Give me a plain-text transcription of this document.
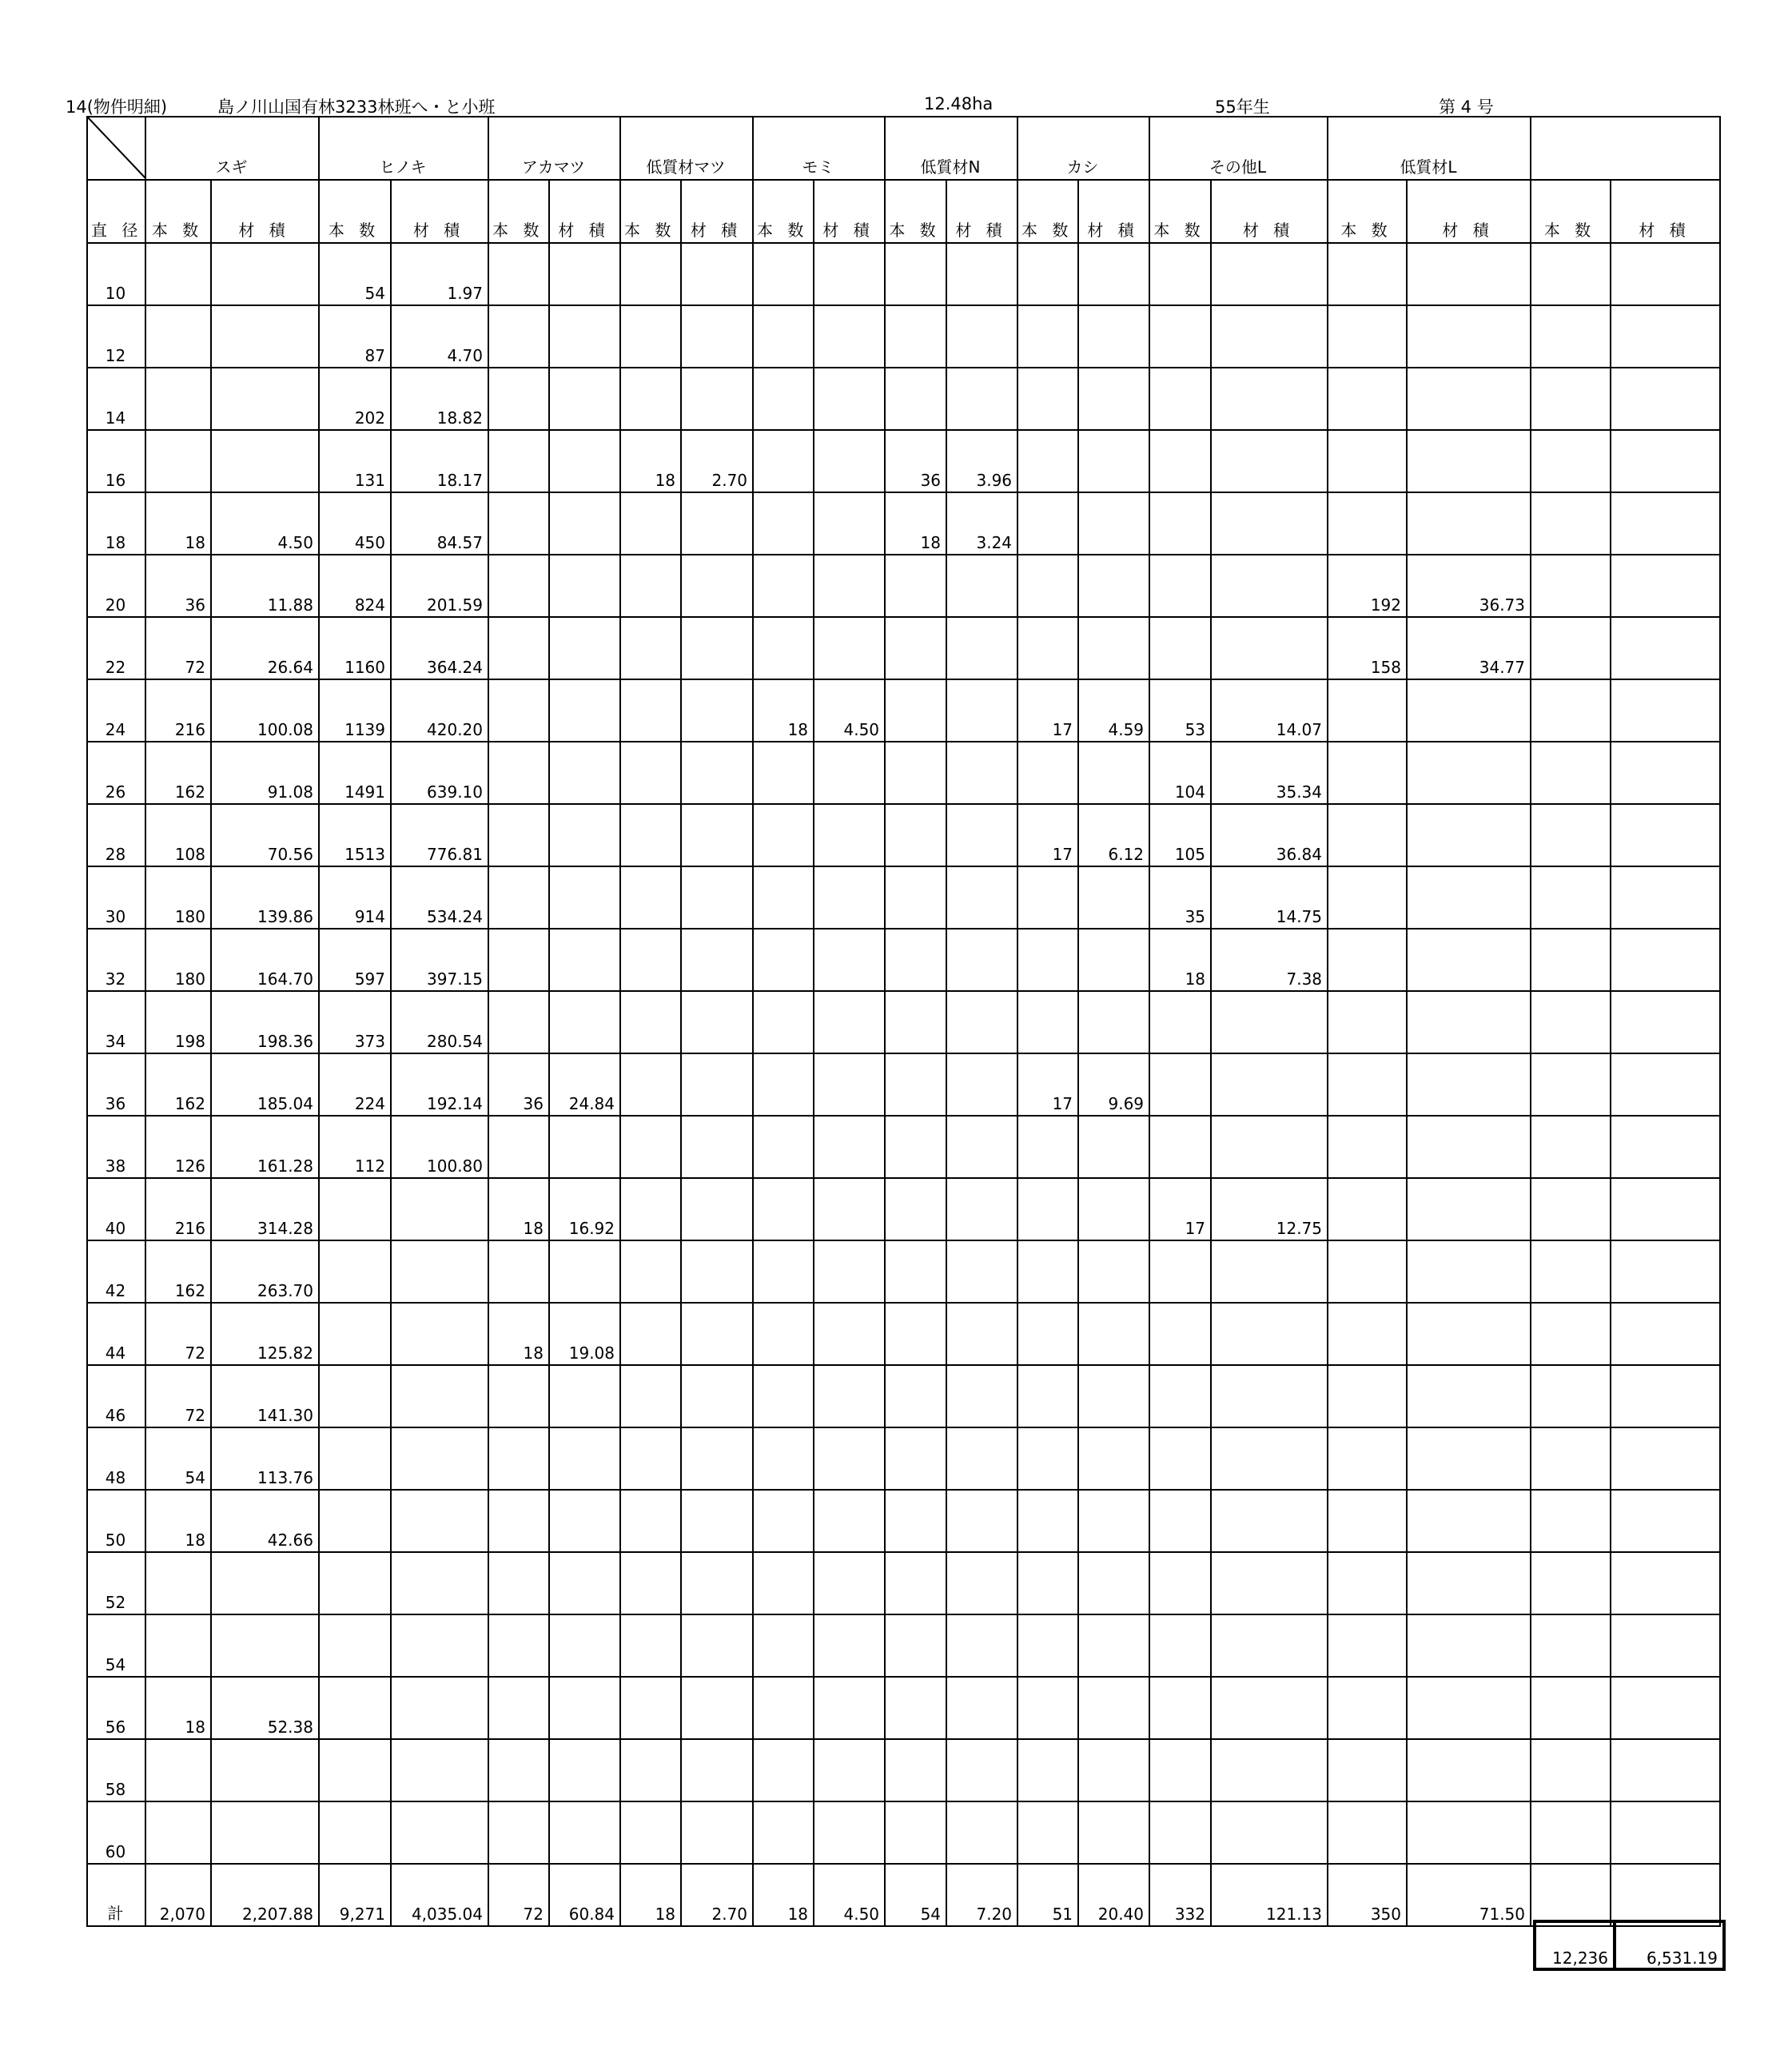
14(物件明細)	島ノ川山国有林3233林班へ・と小班	12.48ha	55年生	第 4 号
	スギ		ヒノキ		アカマツ		低質材マツ		モミ		低質材N		カシ		その他L		低質材L			
直 径	本 数	材 積	本 数	材 積	本 数	材 積	本 数	材 積	本 数	材 積	本 数	材 積	本 数	材 積	本 数	材 積	本 数	材 積	本 数	材 積
10			54	1.97																
12			87	4.70																
14			202	18.82																
16			131	18.17			18	2.70			36	3.96								
18	18	4.50	450	84.57							18	3.24								
20	36	11.88	824	201.59													192	36.73		
22	72	26.64	1160	364.24													158	34.77		
24	216	100.08	1139	420.20					18	4.50			17	4.59	53	14.07				
26	162	91.08	1491	639.10											104	35.34				
28	108	70.56	1513	776.81									17	6.12	105	36.84				
30	180	139.86	914	534.24											35	14.75				
32	180	164.70	597	397.15											18	7.38				
34	198	198.36	373	280.54																
36	162	185.04	224	192.14	36	24.84							17	9.69						
38	126	161.28	112	100.80																
40	216	314.28			18	16.92									17	12.75				
42	162	263.70																		
44	72	125.82			18	19.08														
46	72	141.30																		
48	54	113.76																		
50	18	42.66																		
52																				
54																				
56	18	52.38																		
58																				
60																				
計	2,070	2,207.88	9,271	4,035.04	72	60.84	18	2.70	18	4.50	54	7.20	51	20.40	332	121.13	350	71.50		
12,236	6,531.19
